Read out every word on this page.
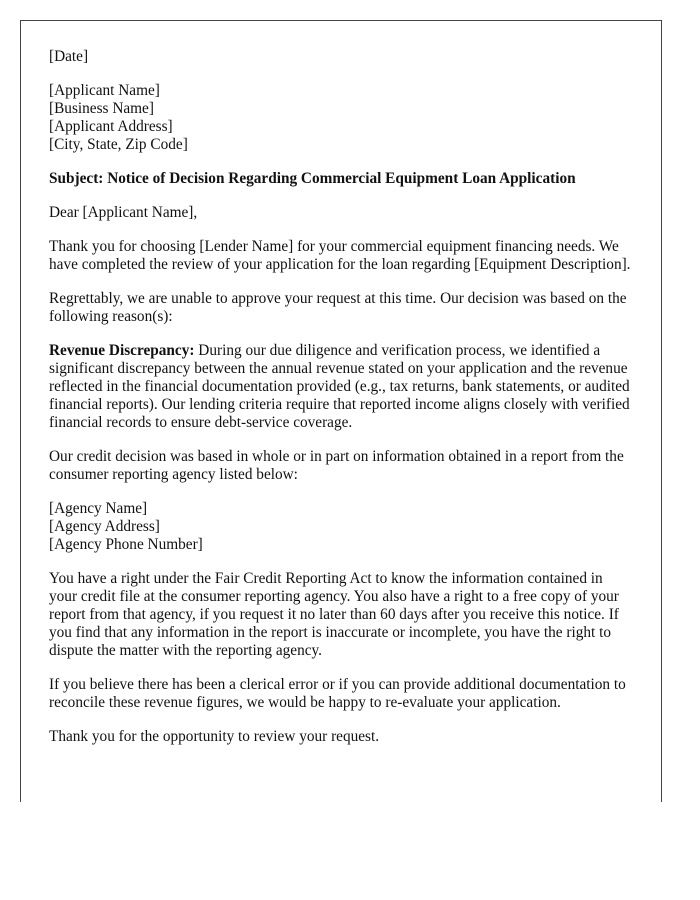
[Date]

[Applicant Name]
[Business Name]
[Applicant Address]
[City, State, Zip Code]

Subject: Notice of Decision Regarding Commercial Equipment Loan Application

Dear [Applicant Name],

Thank you for choosing [Lender Name] for your commercial equipment financing needs. We have completed the review of your application for the loan regarding [Equipment Description].

Regrettably, we are unable to approve your request at this time. Our decision was based on the following reason(s):

Revenue Discrepancy: During our due diligence and verification process, we identified a significant discrepancy between the annual revenue stated on your application and the revenue reflected in the financial documentation provided (e.g., tax returns, bank statements, or audited financial reports). Our lending criteria require that reported income aligns closely with verified financial records to ensure debt-service coverage.

Our credit decision was based in whole or in part on information obtained in a report from the consumer reporting agency listed below:

[Agency Name]
[Agency Address]
[Agency Phone Number]

You have a right under the Fair Credit Reporting Act to know the information contained in your credit file at the consumer reporting agency. You also have a right to a free copy of your report from that agency, if you request it no later than 60 days after you receive this notice. If you find that any information in the report is inaccurate or incomplete, you have the right to dispute the matter with the reporting agency.

If you believe there has been a clerical error or if you can provide additional documentation to reconcile these revenue figures, we would be happy to re-evaluate your application.

Thank you for the opportunity to review your request.
